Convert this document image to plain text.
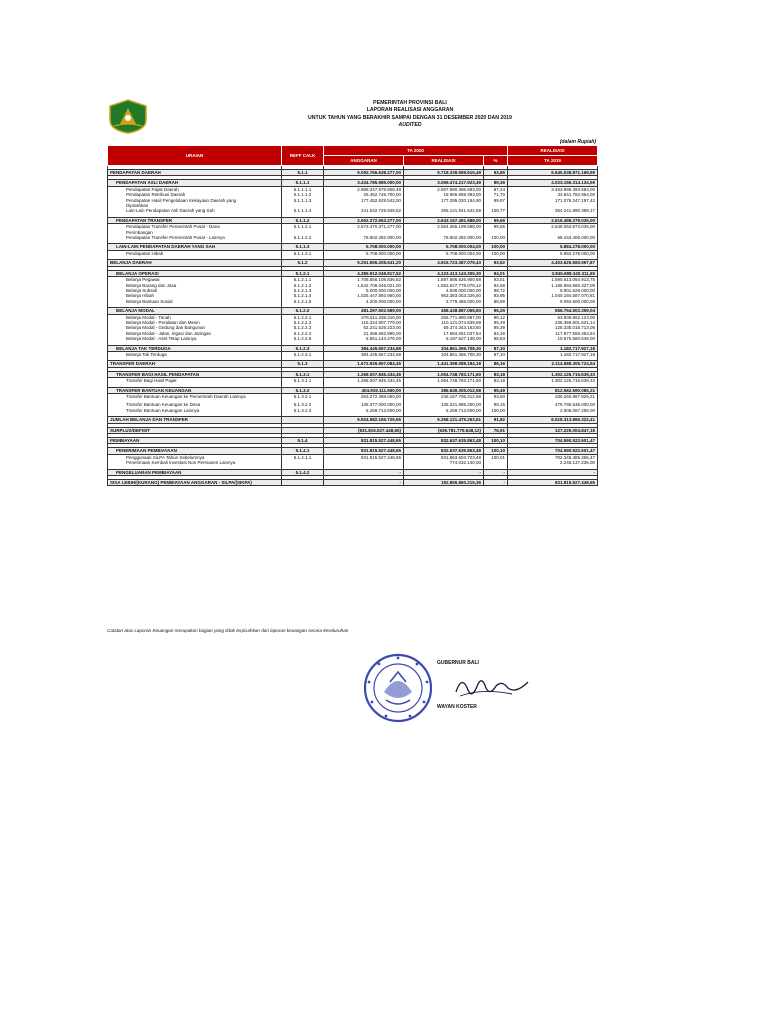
PEMERINTAH PROVINSI BALI
LAPORAN REALISASI ANGGARAN
UNTUK TAHUN YANG BERAKHIR SAMPAI DENGAN 31 DESEMBER 2020 DAN 2019
AUDITED
(dalam Rupiah)
URAIAN	REFF CALK	TA 2020			REALISASI
		ANGGARAN	REALISASI	%	TA 2019

PENDAPATAN DAERAH	5.1.1	6.092.766.638.277,00	5.718.339.699.615,49	93,85	6.645.538.871.169,59

PENDAPATAN ASLI DAERAH	5.1.1.1	3.434.785.985.000,00	3.069.474.217.923,49	89,36	4.023.156.314.134,59
Pendapatan Pajak Daerah	5.1.1.1.1	2.989.347.879.808,48	2.607.990.396.693,00	87,24	3.463.996.393.584,00
Pendapatan Retribusi Daerah	5.1.1.1.2	26.452.745.700,00	18.966.859.393,00	71,70	33.841.782.964,00
Pendapatan Hasil Pengelolaan Kekayaan Daerah yang	5.1.1.1.3	177.452.629.542,00	177.395.020.194,90	99,97	171.076.247.197,42
Dipisahkan					
Lain-Lain Pendapatan Asli Daerah yang Sah	5.1.1.1.4	241.532.729.949,52	265.121.941.642,59	109,77	354.241.890.389,17

PENDAPATAN TRANSFER	5.1.1.2	2.652.272.653.277,00	2.643.157.481.688,00	99,66	2.616.498.279.035,00
Pendapatan Transfer Pemerintah Pusat - Dana	5.1.1.2.1	2.573.470.371.277,00	2.564.355.199.688,00	99,65	2.548.063.873.035,00
Perimbangan					
Pendapatan Transfer Pemerintah Pusat - Lainnya	5.1.1.2.2	78.802.282.000,00	78.802.282.000,00	100,00	68.434.406.000,00

LAIN-LAIN PENDAPATAN DAERAH YANG SAH	5.1.1.3	5.708.000.000,00	5.708.000.004,00	100,00	5.884.278.000,00
Pendapatan Hibah	5.1.1.3.1	5.708.000.000,00	5.708.000.004,00	100,00	5.884.278.000,00

BELANJA DAERAH	5.1.2	5.251.655.208.641,20	4.916.723.387.079,43	93,62	4.403.625.560.597,87

BELANJA OPERASI	5.1.2.1	4.385.912.048.817,52	4.123.413.143.305,30	94,01	3.845.688.340.311,65
Belanja Pegawai	5.1.2.1.1	1.708.556.108.836,52	1.597.686.826.900,68	93,51	1.590.613.064.913,75
Belanja Barang dan Jasa	5.1.2.1.2	1.642.708.046.021,00	1.553.627.778.078,12	94,58	1.195.894.560.327,09
Belanja Subsidi	5.1.2.1.3	5.000.000.000,00	4.936.000.000,00	98,72	9.901.628.000,00
Belanja Hibah	5.1.2.1.4	1.025.447.893.960,00	963.383.053.326,50	93,95	1.040.184.587.070,81
Belanja Bantuan Sosial	5.1.2.1.5	4.200.000.000,00	3.779.485.000,00	89,99	9.094.500.000,00

BELANJA MODAL	5.1.2.2	481.297.502.589,00	458.448.887.065,83	95,25	556.754.502.359,04
Belanja Modal - Tanah	5.1.2.2.1	276.511.338.316,00	265.771.890.897,00	96,12	63.506.862.123,00
Belanja Modal - Peralatan dan Mesin	5.1.2.2.2	115.324.807.779,00	110.121.074.839,69	95,49	236.359.501.621,14
Belanja Modal - Gedung dan Bangunan	5.1.2.2.3	62.241.529.223,00	59.374.343.153,60	95,39	128.335.018.713,06
Belanja Modal - Jalan, Irigasi dan Jaringan	5.1.2.2.4	21.368.682.995,00	17.984.051.037,54	84,16	117.877.559.353,84
Belanja Modal - Aset Tetap Lainnya	5.1.2.2.5	5.851.144.276,00	5.197.527.138,00	88,83	10.675.560.548,00

BELANJA TAK TERDUGA	5.1.2.3	384.445.657.234,68	334.861.356.708,30	87,10	1.182.717.927,18
Belanja Tak Terduga	5.1.2.3.1	384.445.657.234,68	334.861.356.708,30	87,10	1.182.717.927,18

TRANSFER DAERAH	5.1.3	1.672.926.957.084,45	1.441.398.088.184,18	86,16	2.114.688.305.724,54

TRANSFER BAGI HASIL PENDAPATAN	5.1.3.1	1.268.007.845.434,45	1.054.748.783.171,60	83,18	1.302.125.715.639,33
Transfer Bagi Hasil Pajak	5.1.3.1.1	1.268.007.845.434,45	1.054.748.783.171,60	83,18	1.302.125.715.639,33

TRANSFER BANTUAN KEUANGAN	5.1.3.2	404.919.111.650,00	386.649.305.012,58	95,49	812.562.590.085,21
Transfer Bantuan Keuangan ke Pemerintah Daerah Lainnya	5.1.3.2.1	263.272.398.050,00	246.157.706.212,58	93,50	330.260.987.829,21

Transfer Bantuan Keuangan ke Desa	5.1.3.2.2	136.377.000.000,00	135.221.885.200,00	99,15	479.795.535.000,00
Transfer Bantuan Keuangan Lainnya	5.1.3.2.3	5.269.713.600,00	5.269.713.600,00	100,00	2.506.067.256,00

JUMLAH BELANJA DAN TRANSFER		6.924.582.165.725,65	6.358.121.475.263,61	91,82	6.518.313.866.322,41

SURPLUS/DEFISIT		(831.815.527.448,65)	(639.781.775.648,12)	76,91	127.225.004.847,18

PEMBIAYAAN	5.1.4	831.815.527.448,65	832.637.635.863,48	100,10	704.590.522.601,47

PENERIMAAN PEMBIAYAAN	5.1.4.1	831.815.527.448,65	832.637.635.863,48	100,10	704.590.522.601,47
Penggunaan SiLPA Tahun Sebelumnya	5.1.4.1.1	831.815.527.448,65	831.863.603.723,48	100,01	702.345.385.366,47
Penerimaan Kembali Investasi Non Permanen Lainnya			774.032.140,00		2.245.137.235,00

PENGELUARAN PEMBIAYAAN	5.1.4.2	-	-	-	-

SISA LEBIH/(KURANG) PEMBIAYAAN ANGGARAN - SILPA/(SIKPA)		-	192.855.860.215,36	-	831.815.527.448,65
Catatan atas Laporan Keuangan merupakan bagian yang tidak terpisahkan dari laporan keuangan secara keseluruhan
GUBERNUR BALI
WAYAN KOSTER
